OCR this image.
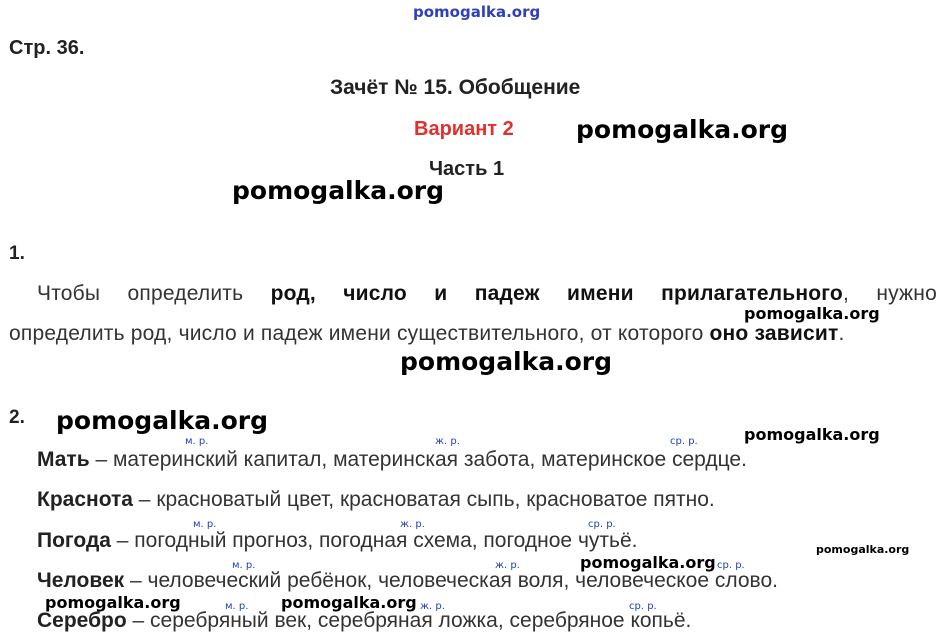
pomogalka.org
Стр. 36.
Зачёт № 15. Обобщение
Вариант 2
Часть 1
pomogalka.org
pomogalka.org
pomogalka.org
pomogalka.org
pomogalka.org
pomogalka.org
pomogalka.org
pomogalka.org
pomogalka.org	pomogalka.org
1.
Чтобы определить род, число и падеж имени прилагательного, нужно
определить род, число и падеж имени существительного, от которого оно зависит.
2.
м. р.	ж. р.	ср. р.
Мать – материнский капитал, материнская забота, материнское сердце.
Краснота – красноватый цвет, красноватая сыпь, красноватое пятно.
м. р.	ж. р.	ср. р.
Погода – погодный прогноз, погодная схема, погодное чутьё.
м. р.	ж. р.	ср. р.
Человек – человеческий ребёнок, человеческая воля, человеческое слово.
м. р.	ж. р.	ср. р.
Серебро – серебряный век, серебряная ложка, серебряное копьё.
